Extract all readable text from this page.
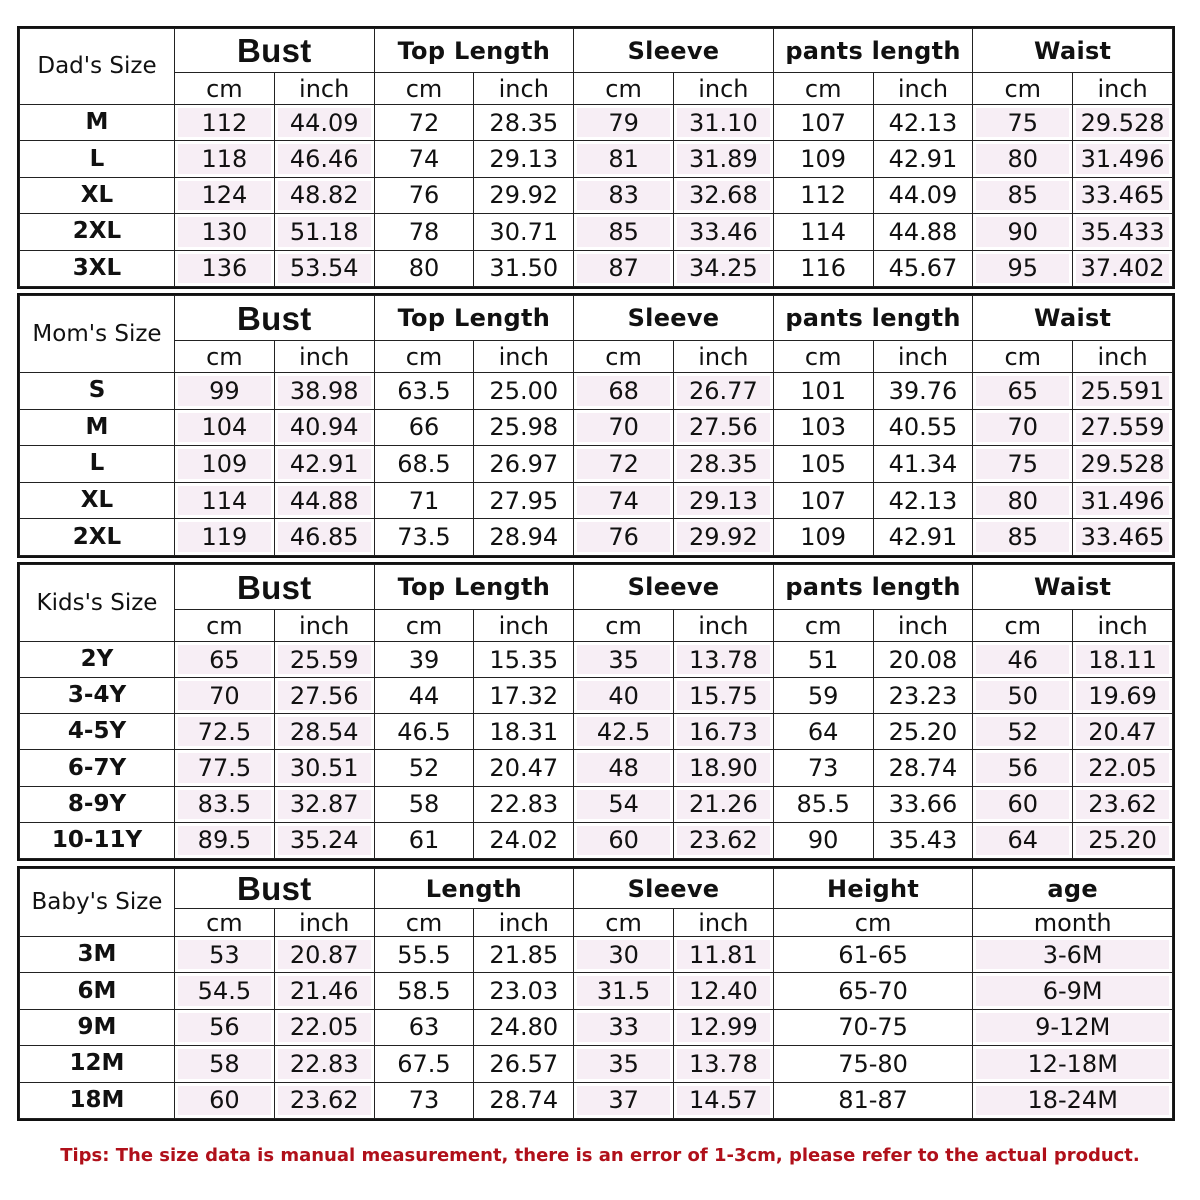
Dad's Size	Bust		Top Length		Sleeve		pants length		Waist	
	cm	inch	cm	inch	cm	inch	cm	inch	cm	inch
M	112	44.09	72	28.35	79	31.10	107	42.13	75	29.528
L	118	46.46	74	29.13	81	31.89	109	42.91	80	31.496
XL	124	48.82	76	29.92	83	32.68	112	44.09	85	33.465
2XL	130	51.18	78	30.71	85	33.46	114	44.88	90	35.433
3XL	136	53.54	80	31.50	87	34.25	116	45.67	95	37.402
Mom's Size	Bust		Top Length		Sleeve		pants length		Waist	
	cm	inch	cm	inch	cm	inch	cm	inch	cm	inch
S	99	38.98	63.5	25.00	68	26.77	101	39.76	65	25.591
M	104	40.94	66	25.98	70	27.56	103	40.55	70	27.559
L	109	42.91	68.5	26.97	72	28.35	105	41.34	75	29.528
XL	114	44.88	71	27.95	74	29.13	107	42.13	80	31.496
2XL	119	46.85	73.5	28.94	76	29.92	109	42.91	85	33.465
Kids's Size	Bust		Top Length		Sleeve		pants length		Waist	
	cm	inch	cm	inch	cm	inch	cm	inch	cm	inch
2Y	65	25.59	39	15.35	35	13.78	51	20.08	46	18.11
3-4Y	70	27.56	44	17.32	40	15.75	59	23.23	50	19.69
4-5Y	72.5	28.54	46.5	18.31	42.5	16.73	64	25.20	52	20.47
6-7Y	77.5	30.51	52	20.47	48	18.90	73	28.74	56	22.05
8-9Y	83.5	32.87	58	22.83	54	21.26	85.5	33.66	60	23.62
10-11Y	89.5	35.24	61	24.02	60	23.62	90	35.43	64	25.20
Baby's Size	Bust		Length		Sleeve		Height	age
	cm	inch	cm	inch	cm	inch	cm	month
3M	53	20.87	55.5	21.85	30	11.81	61-65	3-6M
6M	54.5	21.46	58.5	23.03	31.5	12.40	65-70	6-9M
9M	56	22.05	63	24.80	33	12.99	70-75	9-12M
12M	58	22.83	67.5	26.57	35	13.78	75-80	12-18M
18M	60	23.62	73	28.74	37	14.57	81-87	18-24M
Tips: The size data is manual measurement, there is an error of 1-3cm, please refer to the actual product.
